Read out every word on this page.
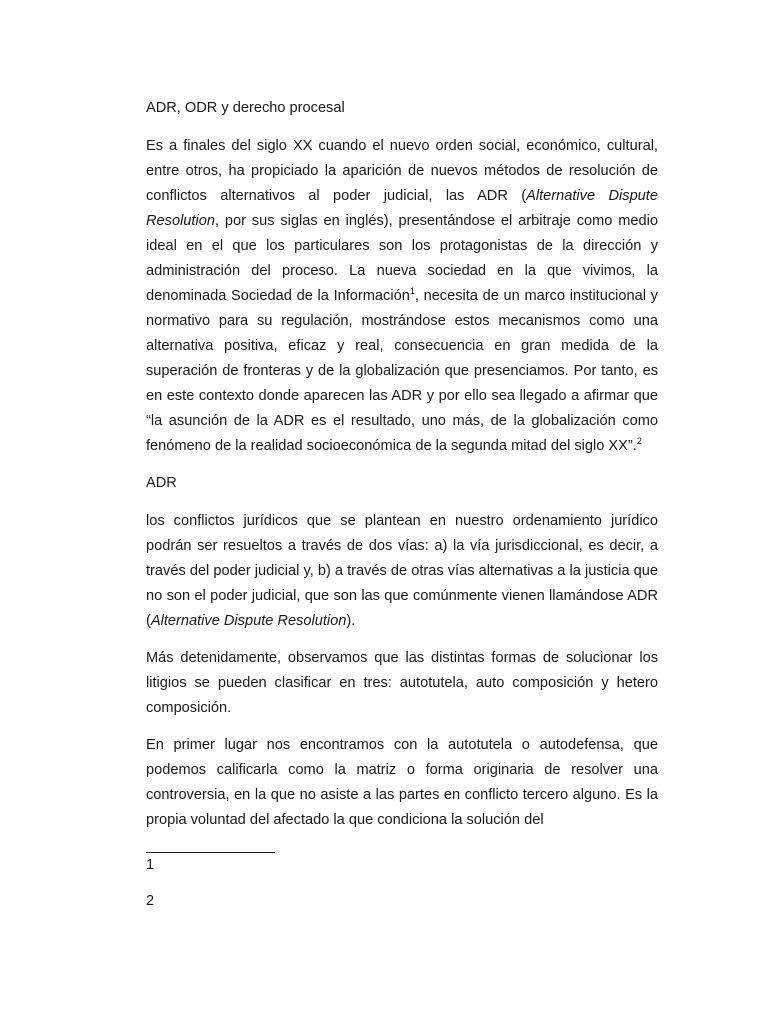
ADR, ODR y derecho procesal

Es a finales del siglo XX cuando el nuevo orden social, económico, cultural, entre otros, ha propiciado la aparición de nuevos métodos de resolución de conflictos alternativos al poder judicial, las ADR (Alternative Dispute Resolution, por sus siglas en inglés), presentándose el arbitraje como medio ideal en el que los particulares son los protagonistas de la dirección y administración del proceso. La nueva sociedad en la que vivimos, la denominada Sociedad de la Información$^1$, necesita de un marco institucional y normativo para su regulación, mostrándose estos mecanismos como una alternativa positiva, eficaz y real, consecuencia en gran medida de la superación de fronteras y de la globalización que presenciamos. Por tanto, es en este contexto donde aparecen las ADR y por ello sea llegado a afirmar que “la asunción de la ADR es el resultado, uno más, de la globalización como fenómeno de la realidad socioeconómica de la segunda mitad del siglo XX”.$^2$

ADR

los conflictos jurídicos que se plantean en nuestro ordenamiento jurídico podrán ser resueltos a través de dos vías: a) la vía jurisdiccional, es decir, a través del poder judicial y, b) a través de otras vías alternativas a la justicia que no son el poder judicial, que son las que comúnmente vienen llamándose ADR (Alternative Dispute Resolution).

Más detenidamente, observamos que las distintas formas de solucionar los litigios se pueden clasificar en tres: autotutela, auto composición y hetero composición.

En primer lugar nos encontramos con la autotutela o autodefensa, que podemos calificarla como la matriz o forma originaria de resolver una controversia, en la que no asiste a las partes en conflicto tercero alguno. Es la propia voluntad del afectado la que condiciona la solución del

1
2
